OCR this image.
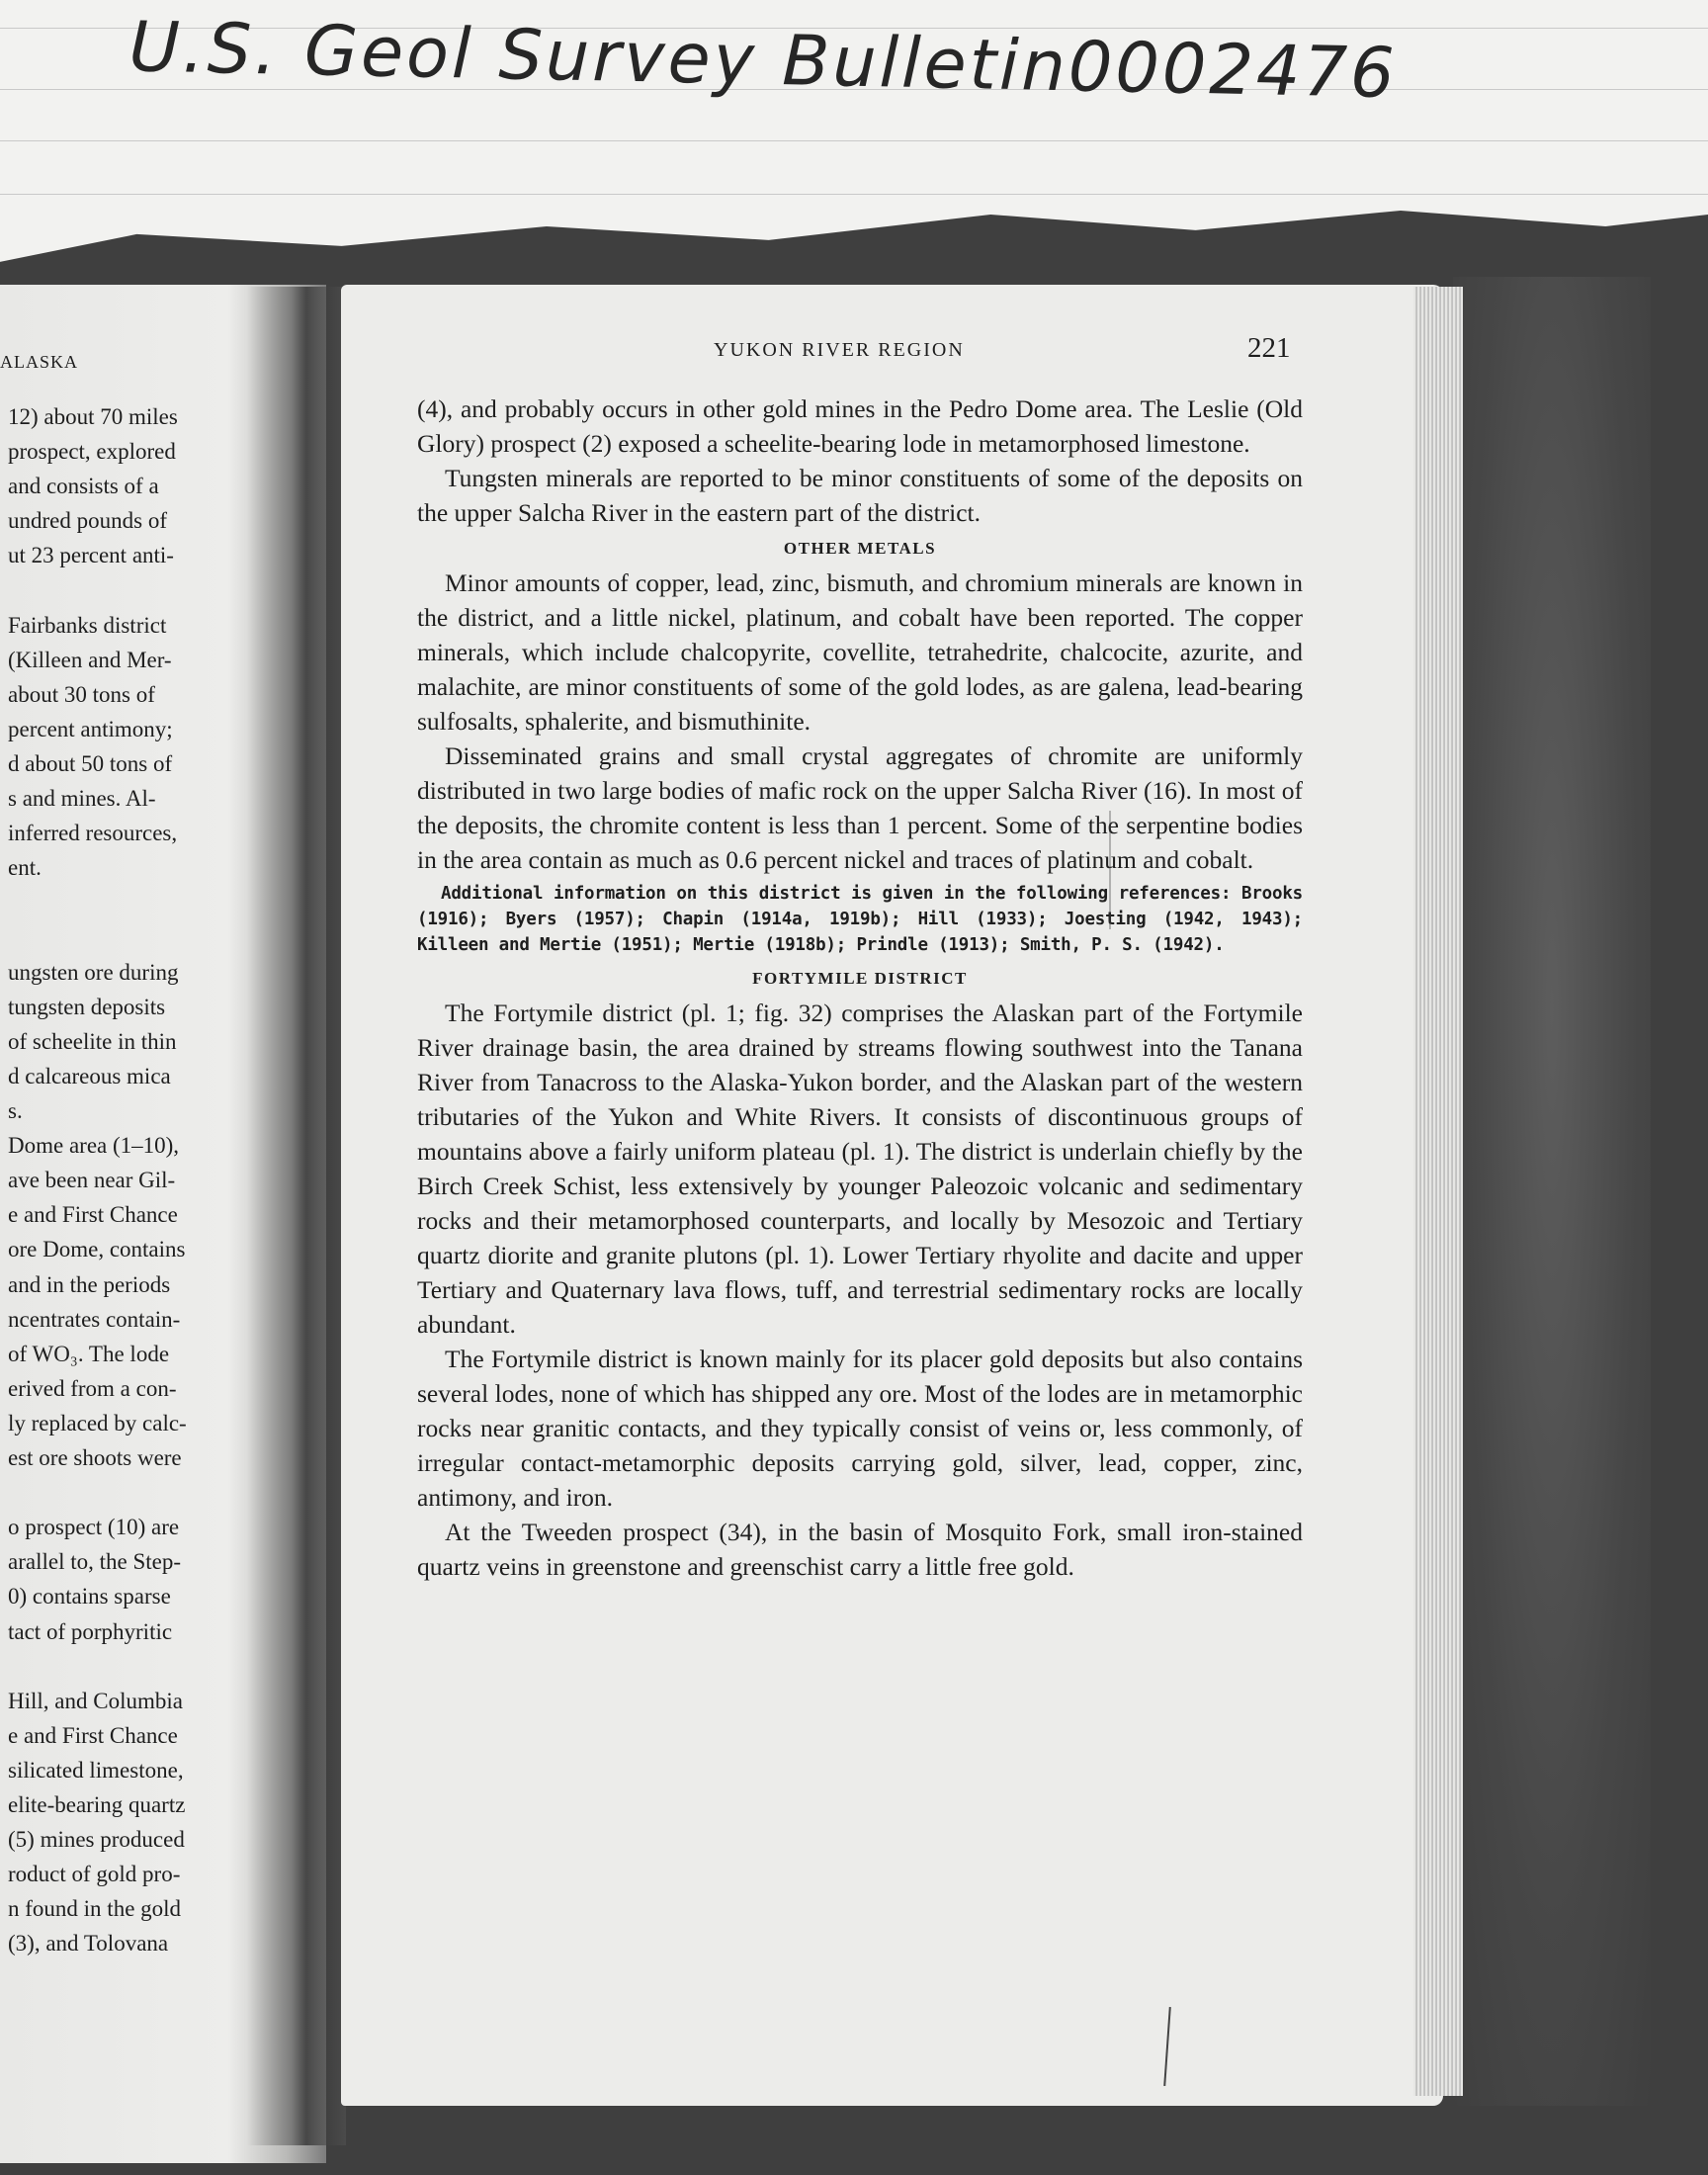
U.S. Geol Survey Bulletin0002476
ALASKA
12) about 70 miles
prospect, explored
and consists of a
undred pounds of
ut 23 percent anti-
Fairbanks district
(Killeen and Mer-
about 30 tons of
percent antimony;
d about 50 tons of
s and mines. Al-
inferred resources,
ent.
ungsten ore during
tungsten deposits
of scheelite in thin
d calcareous mica
s.
Dome area (1–10),
ave been near Gil-
e and First Chance
ore Dome, contains
and in the periods
ncentrates contain-
of WO₃. The lode
erived from a con-
ly replaced by calc-
est ore shoots were
o prospect (10) are
arallel to, the Step-
0) contains sparse
tact of porphyritic
Hill, and Columbia
e and First Chance
silicated limestone,
elite-bearing quartz
(5) mines produced
roduct of gold pro-
n found in the gold
(3), and Tolovana
YUKON RIVER REGION	221

(4), and probably occurs in other gold mines in the Pedro Dome area. The Leslie (Old Glory) prospect (2) exposed a scheelite-bearing lode in metamorphosed limestone.

Tungsten minerals are reported to be minor constituents of some of the deposits on the upper Salcha River in the eastern part of the district.

OTHER METALS

Minor amounts of copper, lead, zinc, bismuth, and chromium minerals are known in the district, and a little nickel, platinum, and cobalt have been reported. The copper minerals, which include chalcopyrite, covellite, tetrahedrite, chalcocite, azurite, and malachite, are minor constituents of some of the gold lodes, as are galena, lead-bearing sulfosalts, sphalerite, and bismuthinite.

Disseminated grains and small crystal aggregates of chromite are uniformly distributed in two large bodies of mafic rock on the upper Salcha River (16). In most of the deposits, the chromite content is less than 1 percent. Some of the serpentine bodies in the area contain as much as 0.6 percent nickel and traces of platinum and cobalt.

Additional information on this district is given in the following references: Brooks (1916); Byers (1957); Chapin (1914a, 1919b); Hill (1933); Joesting (1942, 1943); Killeen and Mertie (1951); Mertie (1918b); Prindle (1913); Smith, P. S. (1942).

FORTYMILE DISTRICT

The Fortymile district (pl. 1; fig. 32) comprises the Alaskan part of the Fortymile River drainage basin, the area drained by streams flowing southwest into the Tanana River from Tanacross to the Alaska-Yukon border, and the Alaskan part of the western tributaries of the Yukon and White Rivers. It consists of discontinuous groups of mountains above a fairly uniform plateau (pl. 1). The district is underlain chiefly by the Birch Creek Schist, less extensively by younger Paleozoic volcanic and sedimentary rocks and their metamorphosed counterparts, and locally by Mesozoic and Tertiary quartz diorite and granite plutons (pl. 1). Lower Tertiary rhyolite and dacite and upper Tertiary and Quaternary lava flows, tuff, and terrestrial sedimentary rocks are locally abundant.

The Fortymile district is known mainly for its placer gold deposits but also contains several lodes, none of which has shipped any ore. Most of the lodes are in metamorphic rocks near granitic contacts, and they typically consist of veins or, less commonly, of irregular contact-metamorphic deposits carrying gold, silver, lead, copper, zinc, antimony, and iron.

At the Tweeden prospect (34), in the basin of Mosquito Fork, small iron-stained quartz veins in greenstone and greenschist carry a little free gold.
